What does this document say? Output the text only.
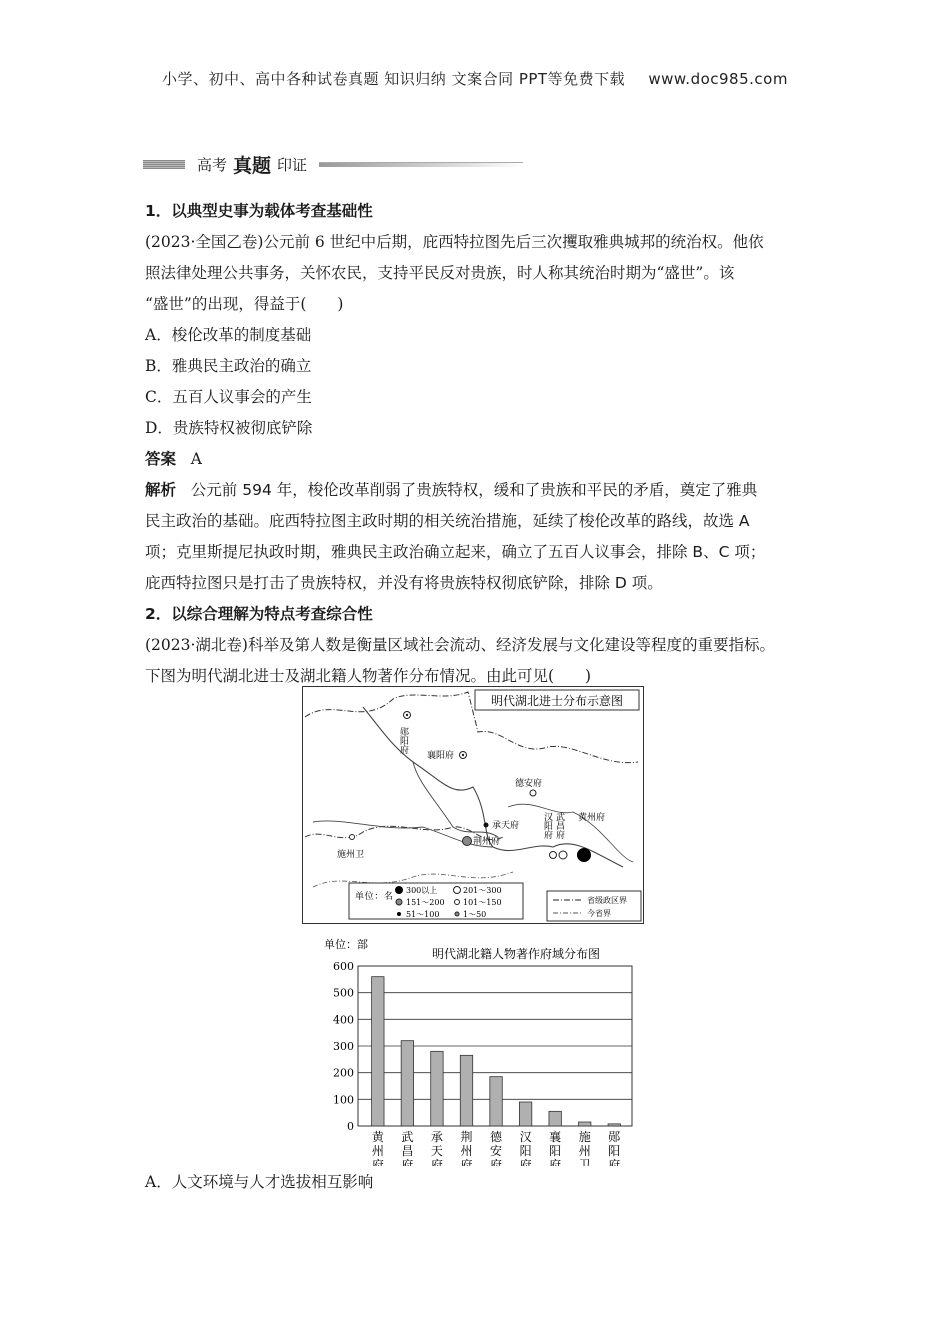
小学、初中、高中各种试卷真题 知识归纳 文案合同 PPT等免费下载 www.doc985.com
高考 真题 印证
1．以典型史事为载体考查基础性
(2023·全国乙卷)公元前 6 世纪中后期，庇西特拉图先后三次攫取雅典城邦的统治权。他依
照法律处理公共事务，关怀农民，支持平民反对贵族，时人称其统治时期为“盛世”。该
“盛世”的出现，得益于(　　)
A．梭伦改革的制度基础
B．雅典民主政治的确立
C．五百人议事会的产生
D．贵族特权被彻底铲除
答案 A
解析 公元前 594 年，梭伦改革削弱了贵族特权，缓和了贵族和平民的矛盾，奠定了雅典
民主政治的基础。庇西特拉图主政时期的相关统治措施，延续了梭伦改革的路线，故选 A
项；克里斯提尼执政时期，雅典民主政治确立起来，确立了五百人议事会，排除 B、C 项；
庇西特拉图只是打击了贵族特权，并没有将贵族特权彻底铲除，排除 D 项。
2．以综合理解为特点考查综合性
(2023·湖北卷)科举及第人数是衡量区域社会流动、经济发展与文化建设等程度的重要指标。
下图为明代湖北进士及湖北籍人物著作分布情况。由此可见(　　)
明代湖北进士分布示意图
郧阳府
襄阳府
德安府
承天府	汉阳府 武昌府 黄州府
荆州府
施州卫
单位：名
300以上	201～300
151～200 101～150
51～100	1～50
省级政区界
今省界
单位：部
明代湖北籍人物著作府域分布图
0
100
200
300
400
500
600
黄
州
府
武
昌
府
承
天
府
荆
州
府
德
安
府
汉
阳
府
襄
阳
府
施
州
卫
郧
阳
府
A．人文环境与人才选拔相互影响
